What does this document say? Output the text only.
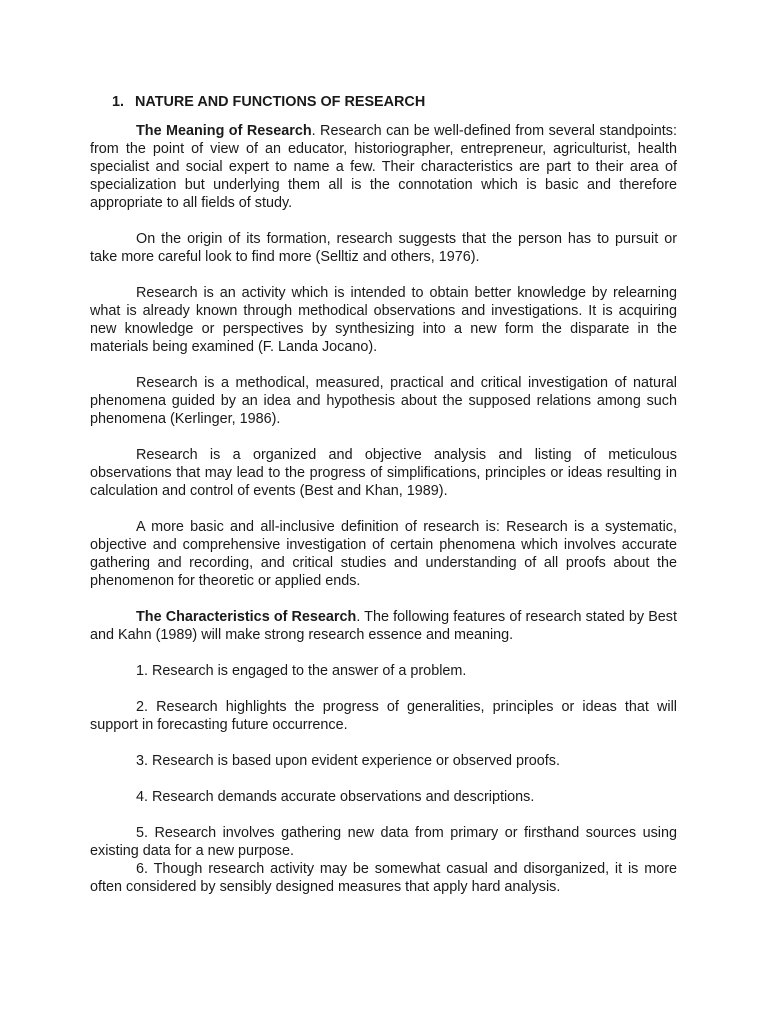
1. NATURE AND FUNCTIONS OF RESEARCH

The Meaning of Research. Research can be well-defined from several standpoints: from the point of view of an educator, historiographer, entrepreneur, agriculturist, health specialist and social expert to name a few. Their characteristics are part to their area of specialization but underlying them all is the connotation which is basic and therefore appropriate to all fields of study.

On the origin of its formation, research suggests that the person has to pursuit or take more careful look to find more (Selltiz and others, 1976).

Research is an activity which is intended to obtain better knowledge by relearning what is already known through methodical observations and investigations. It is acquiring new knowledge or perspectives by synthesizing into a new form the disparate in the materials being examined (F. Landa Jocano).

Research is a methodical, measured, practical and critical investigation of natural phenomena guided by an idea and hypothesis about the supposed relations among such phenomena (Kerlinger, 1986).

Research is a organized and objective analysis and listing of meticulous observations that may lead to the progress of simplifications, principles or ideas resulting in calculation and control of events (Best and Khan, 1989).

A more basic and all-inclusive definition of research is: Research is a systematic, objective and comprehensive investigation of certain phenomena which involves accurate gathering and recording, and critical studies and understanding of all proofs about the phenomenon for theoretic or applied ends.

The Characteristics of Research. The following features of research stated by Best and Kahn (1989) will make strong research essence and meaning.

1. Research is engaged to the answer of a problem.

2. Research highlights the progress of generalities, principles or ideas that will support in forecasting future occurrence.

3. Research is based upon evident experience or observed proofs.

4. Research demands accurate observations and descriptions.

5. Research involves gathering new data from primary or firsthand sources using existing data for a new purpose.

6. Though research activity may be somewhat casual and disorganized, it is more often considered by sensibly designed measures that apply hard analysis.
